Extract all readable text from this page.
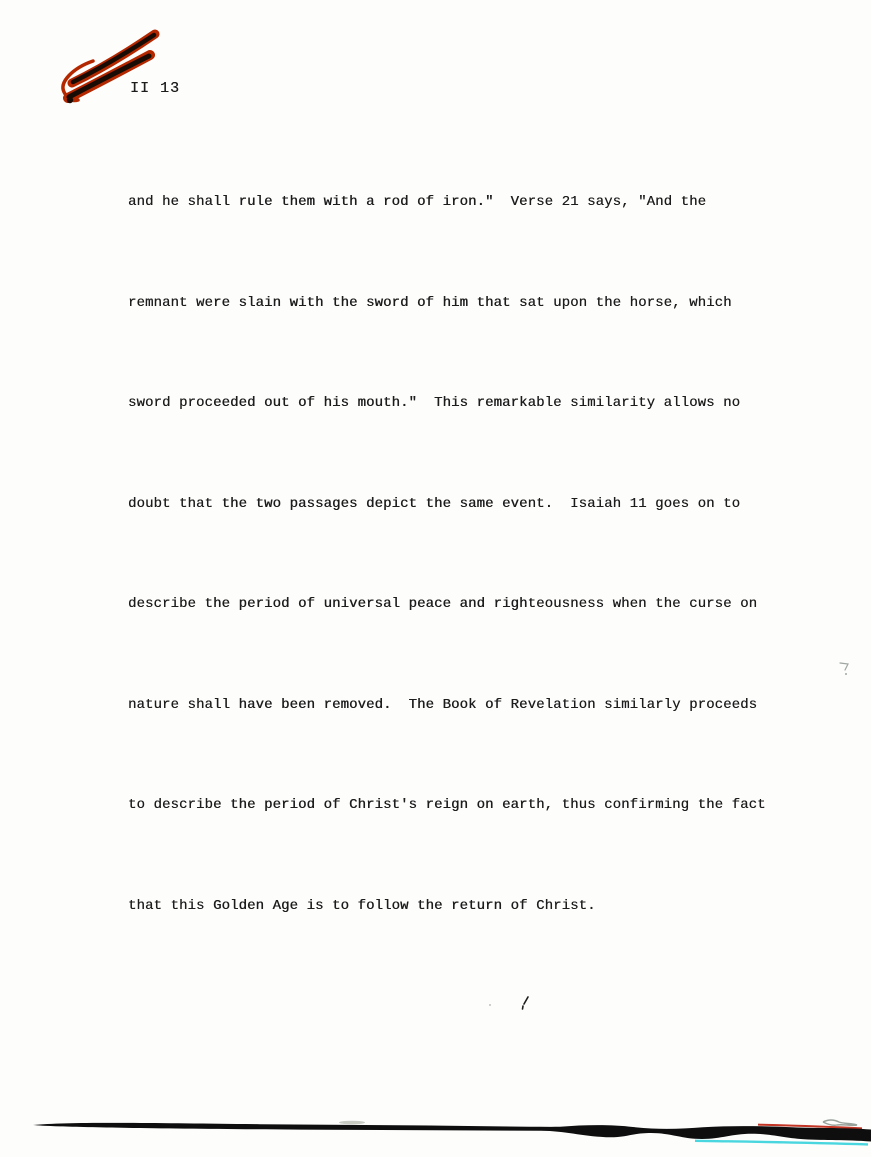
II 13

and he shall rule them with a rod of iron."  Verse 21 says, "And the

remnant were slain with the sword of him that sat upon the horse, which

sword proceeded out of his mouth."  This remarkable similarity allows no

doubt that the two passages depict the same event.  Isaiah 11 goes on to

describe the period of universal peace and righteousness when the curse on

nature shall have been removed.  The Book of Revelation similarly proceeds

to describe the period of Christ's reign on earth, thus confirming the fact

that this Golden Age is to follow the return of Christ.
